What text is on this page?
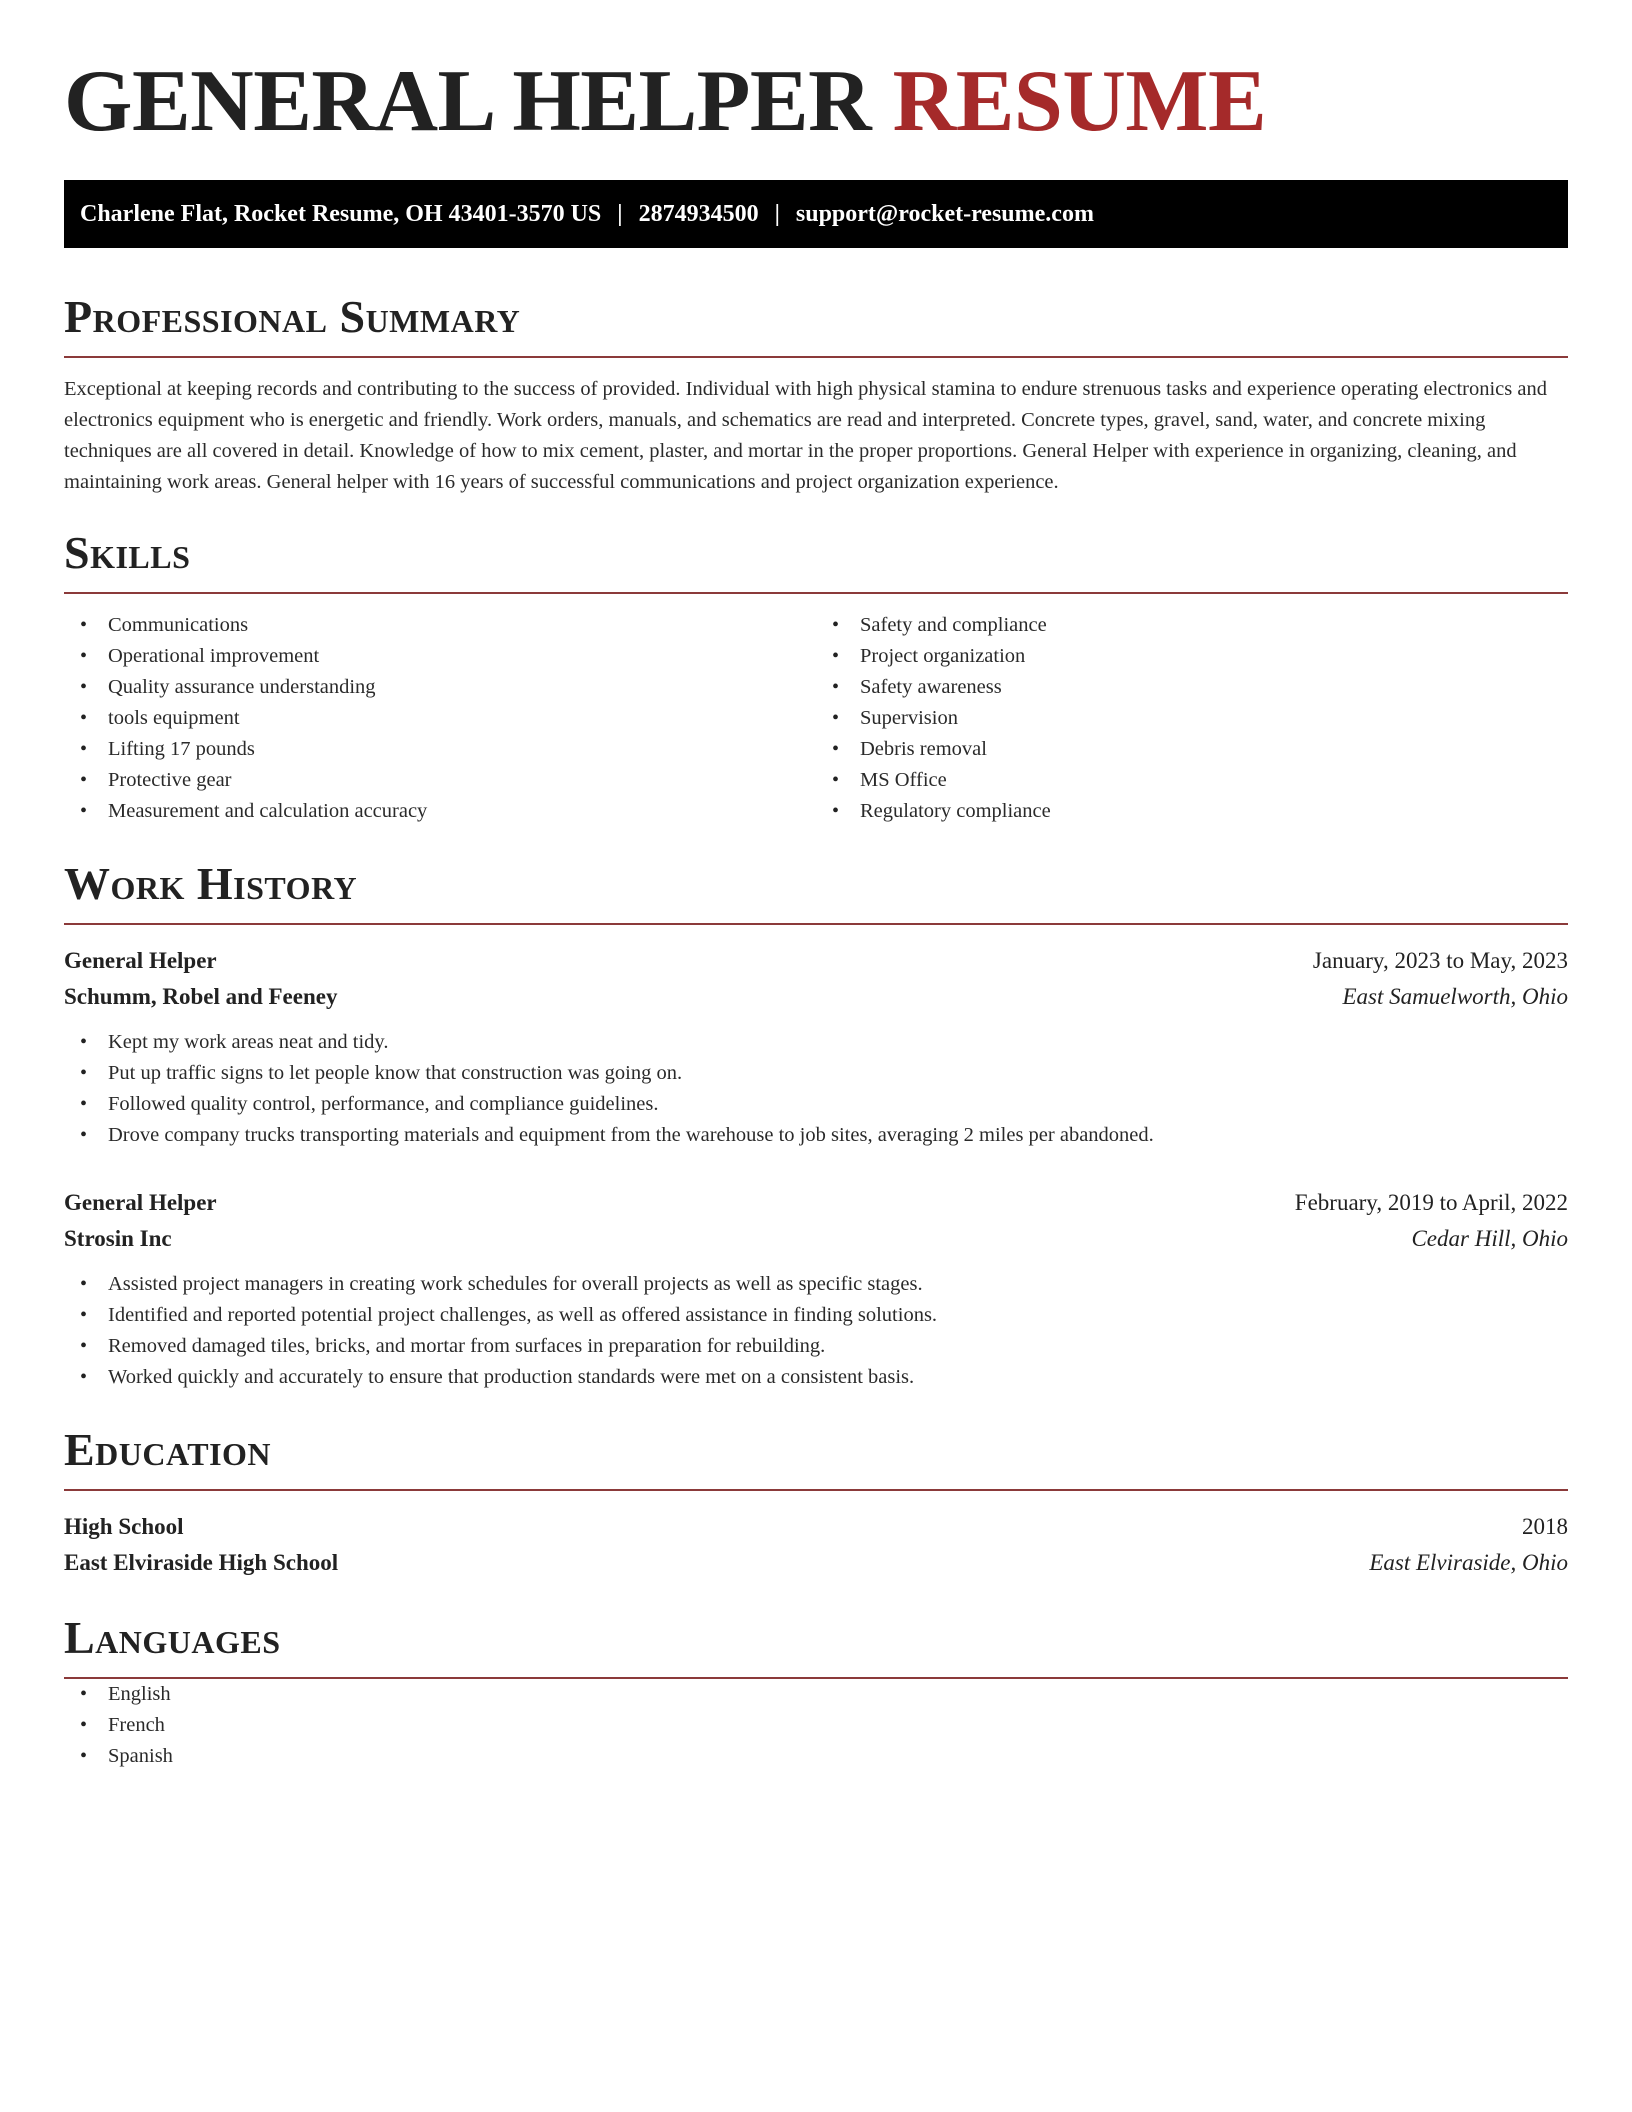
GENERAL HELPER RESUME
Charlene Flat, Rocket Resume, OH 43401-3570 US | 2874934500 | support@rocket-resume.com
Professional Summary

Exceptional at keeping records and contributing to the success of provided. Individual with high physical stamina to endure strenuous tasks and experience operating electronics and electronics equipment who is energetic and friendly. Work orders, manuals, and schematics are read and interpreted. Concrete types, gravel, sand, water, and concrete mixing techniques are all covered in detail. Knowledge of how to mix cement, plaster, and mortar in the proper proportions. General Helper with experience in organizing, cleaning, and maintaining work areas. General helper with 16 years of successful communications and project organization experience.

Skills
• Communications
• Operational improvement
• Quality assurance understanding
• tools equipment
• Lifting 17 pounds
• Protective gear
• Measurement and calculation accuracy
• Safety and compliance
• Project organization
• Safety awareness
• Supervision
• Debris removal
• MS Office
• Regulatory compliance
Work History
General Helper	January, 2023 to May, 2023
Schumm, Robel and Feeney	East Samuelworth, Ohio
• Kept my work areas neat and tidy.
• Put up traffic signs to let people know that construction was going on.
• Followed quality control, performance, and compliance guidelines.
• Drove company trucks transporting materials and equipment from the warehouse to job sites, averaging 2 miles per abandoned.
General Helper	February, 2019 to April, 2022
Strosin Inc	Cedar Hill, Ohio
• Assisted project managers in creating work schedules for overall projects as well as specific stages.
• Identified and reported potential project challenges, as well as offered assistance in finding solutions.
• Removed damaged tiles, bricks, and mortar from surfaces in preparation for rebuilding.
• Worked quickly and accurately to ensure that production standards were met on a consistent basis.
Education
High School	2018
East Elviraside High School	East Elviraside, Ohio
Languages
• English
• French
• Spanish
